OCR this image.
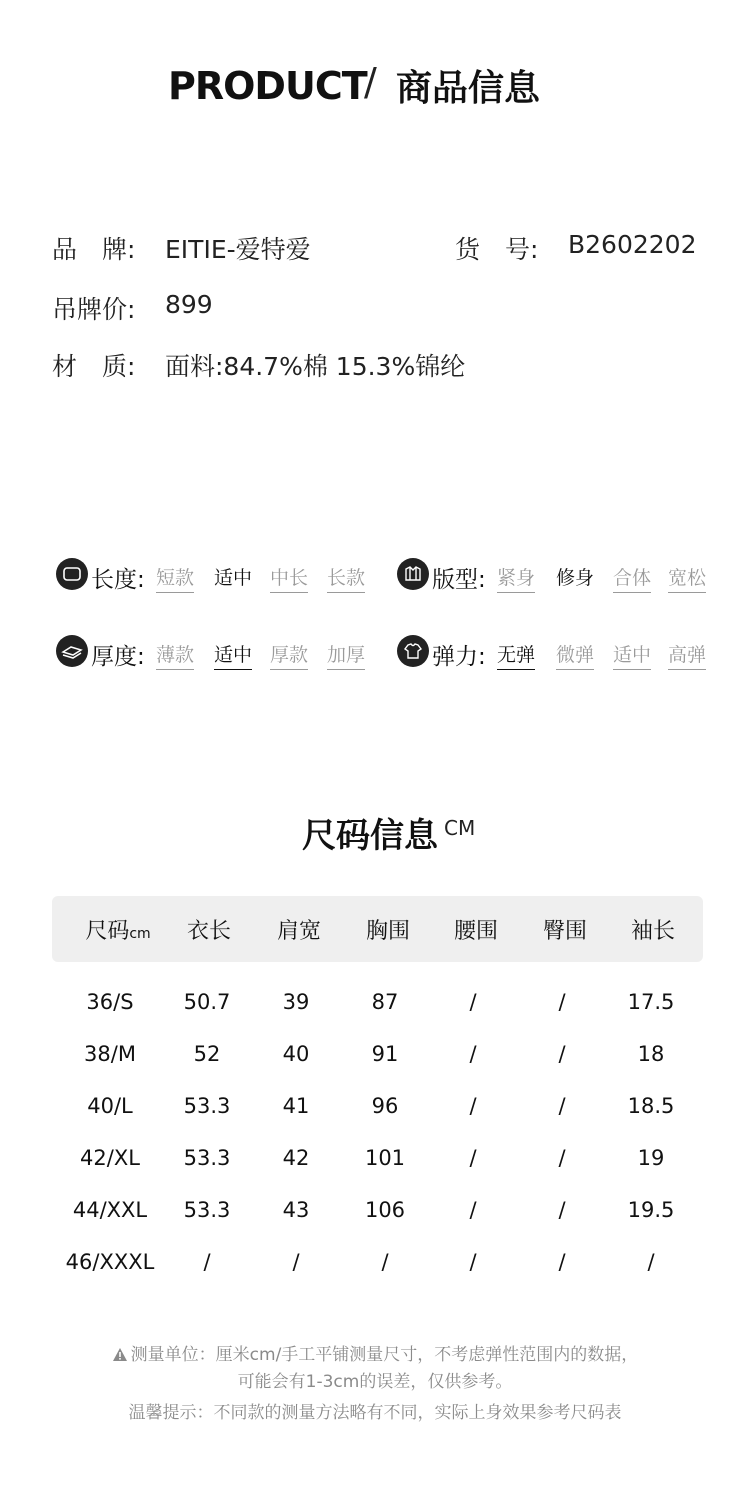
PRODUCT
/ 商品信息
品　牌: EITIE-爱特爱	货　号: B2602202
吊牌价: 899
材　质: 面料:84.7%棉 15.3%锦纶
长度: 短款 适中 中长 长款	版型: 紧身 修身 合体 宽松
厚度: 薄款 适中 厚款 加厚	弹力: 无弹 微弹 适中 高弹
尺码信息 CM
尺码cm	衣长	肩宽	胸围	腰围	臀围	袖长
36/S	50.7	39	87	/	/	17.5
38/M	52	40	91	/	/	18
40/L	53.3	41	96	/	/	18.5
42/XL	53.3	42	101	/	/	19
44/XXL	53.3	43	106	/	/	19.5
46/XXXL	/	/	/	/	/	/
测量单位：厘米cm/手工平铺测量尺寸，不考虑弹性范围内的数据，
可能会有1-3cm的误差，仅供参考。
温馨提示：不同款的测量方法略有不同，实际上身效果参考尺码表
